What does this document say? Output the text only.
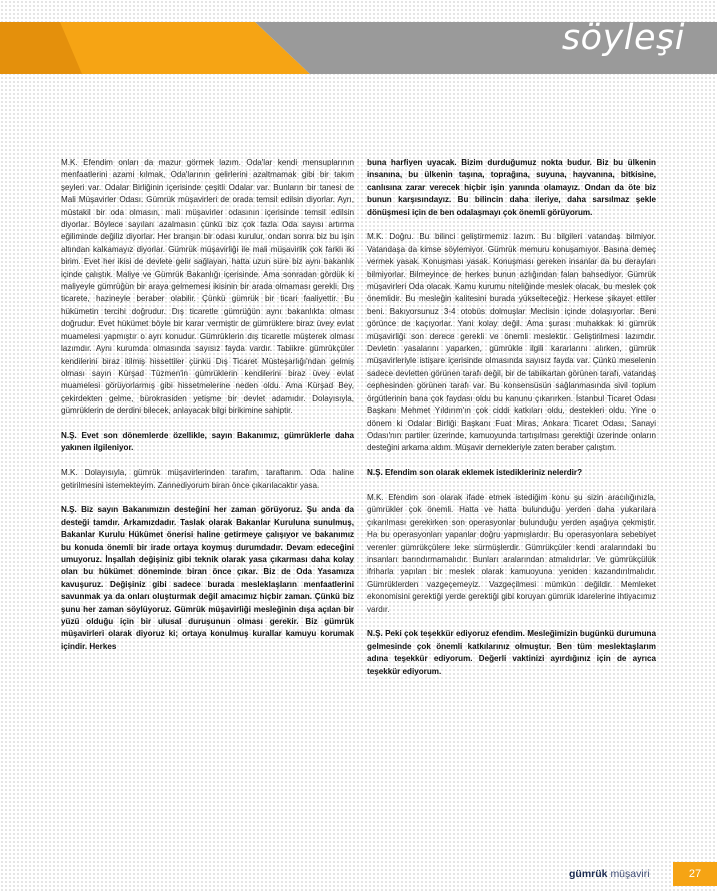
söyleşi

M.K. Efendim onları da mazur görmek lazım. Oda'lar kendi mensuplarının menfaatlerini azami kılmak, Oda'larının gelirlerini azaltmamak gibi bir takım şeyleri var. Odalar Birliğinin içerisinde çeşitli Odalar var. Bunların bir tanesi de Mali Müşavirler Odası. Gümrük müşavirleri de orada temsil edilsin diyorlar. Ayrı, müstakil bir oda olmasın, mali müşavirler odasının içerisinde temsil edilsin diyorlar. Böylece sayıları azalmasın çünkü biz çok fazla Oda sayısı artırma eğiliminde değiliz diyorlar. Her branşın bir odası kurulur, ondan sonra biz bu işin altından kalkamayız diyorlar. Gümrük müşavirliği ile mali müşavirlik çok farklı iki birim. Evet her ikisi de devlete gelir sağlayan, hatta uzun süre biz aynı bakanlık içinde çalıştık. Maliye ve Gümrük Bakanlığı içerisinde. Ama sonradan gördük ki maliyeyle gümrüğün bir araya gelmemesi ikisinin bir arada olmaması gerekli. Dış ticarete, hazineyle beraber olabilir. Çünkü gümrük bir ticari faaliyettir. Bu hükümetin tercihi doğrudur. Dış ticaretle gümrüğün aynı bakanlıkta olması doğrudur. Evet hükümet böyle bir karar vermiştir de gümrüklere biraz üvey evlat muamelesi yapmıştır o ayrı konudur. Gümrüklerin dış ticaretle müşterek olması lazımdır. Aynı kurumda olmasında sayısız fayda vardır. Tabiikre gümrükçüler kendilerini biraz itilmiş hissettiler çünkü Dış Ticaret Müsteşarlığı'ndan gelmiş olması sayın Kürşad Tüzmen'in gümrüklerin kendilerini biraz üvey evlat muamelesi görüyorlarmış gibi hissetmelerine neden oldu. Ama Kürşad Bey, çekirdekten gelme, bürokrasiden yetişme bir devlet adamıdır. Dolayısıyla, gümrüklerin de derdini bilecek, anlayacak bilgi birikimine sahiptir.

N.Ş. Evet son dönemlerde özellikle, sayın Bakanımız, gümrüklerle daha yakınen ilgileniyor.

M.K. Dolayısıyla, gümrük müşavirlerinden tarafım, taraftarım. Oda haline getirilmesini istemekteyim. Zannediyorum biran önce çıkarılacaktır yasa.

N.Ş. Biz sayın Bakanımızın desteğini her zaman görüyoruz. Şu anda da desteği tamdır. Arkamızdadır. Taslak olarak Bakanlar Kuruluna sunulmuş, Bakanlar Kurulu Hükümet önerisi haline getirmeye çalışıyor ve bakanımız bu konuda önemli bir irade ortaya koymuş durumdadır. Devam edeceğini umuyoruz. İnşallah değişiniz gibi teknik olarak yasa çıkarması daha kolay olan bu hükümet döneminde biran önce çıkar. Biz de Oda Yasamıza kavuşuruz. Değişiniz gibi sadece burada mesleklaşların menfaatlerini savunmak ya da onları oluşturmak değil amacımız hiçbir zaman. Çünkü biz şunu her zaman söylüyoruz. Gümrük müşavirliği mesleğinin dışa açılan bir yüzü olduğu için bir ulusal duruşunun olması gerekir. Biz gümrük müşavirleri olarak diyoruz ki; ortaya konulmuş kurallar kamuyu korumak içindir. Herkes

buna harfiyen uyacak. Bizim durduğumuz nokta budur. Biz bu ülkenin insanına, bu ülkenin taşına, toprağına, suyuna, hayvanına, bitkisine, canlısına zarar verecek hiçbir işin yanında olamayız. Ondan da öte biz bunun karşısındayız. Bu bilincin daha ileriye, daha sarsılmaz şekle dönüşmesi için de ben odalaşmayı çok önemli görüyorum.

M.K. Doğru. Bu bilinci geliştirmemiz lazım. Bu bilgileri vatandaş bilmiyor. Vatandaşa da kimse söylemiyor. Gümrük memuru konuşamıyor. Basına demeç vermek yasak. Konuşması yasak. Konuşması gereken insanlar da bu derayları bilmiyorlar. Bilmeyince de herkes bunun azlığından falan bahsediyor. Gümrük müşavirleri Oda olacak. Kamu kurumu niteliğinde meslek olacak, bu meslek çok önemlidir. Bu mesleğin kalitesini burada yükselteceğiz. Herkese şikayet ettiler beni. Bakıyorsunuz 3-4 otobüs dolmuşlar Meclisin içinde dolaşıyorlar. Beni görünce de kaçıyorlar. Yani kolay değil. Ama şurası muhakkak ki gümrük müşavirliği son derece gerekli ve önemli meslektir. Geliştirilmesi lazımdır. Devletin yasalarını yaparken, gümrükle ilgili kararlarını alırken, gümrük müşavirleriyle istişare içerisinde olmasında sayısız fayda var. Çünkü meselenin sadece devletten görünen tarafı değil, bir de tabiikartan görünen tarafı, vatandaş cephesinden görünen tarafı var. Bu konsensüsün sağlanmasında sivil toplum örgütlerinin bana çok faydası oldu bu kanunu çıkarırken. İstanbul Ticaret Odası Başkanı Mehmet Yıldırım'ın çok ciddi katkıları oldu, destekleri oldu. Yine o dönem ki Odalar Birliği Başkanı Fuat Miras, Ankara Ticaret Odası, Sanayi Odası'nın partiler üzerinde, kamuoyunda tartışılması gerektiği üzerinde onların desteğini arkama aldım. Müşavir dernekleriyle zaten beraber çalıştım.

N.Ş. Efendim son olarak eklemek istedikleriniz nelerdir?

M.K. Efendim son olarak ifade etmek istediğim konu şu sizin aracılığınızla, gümrükler çok önemli. Hatta ve hatta bulunduğu yerden daha yukarılara çıkarılması gerekirken son operasyonlar bulunduğu yerden aşağıya çekmiştir. Ha bu operasyonları yapanlar doğru yapmışlardır. Bu operasyonlara sebebiyet verenler gümrükçülere leke sürmüşlerdir. Gümrükçüler kendi aralarındaki bu insanları barındırmamalıdır. Bunları aralarından atmalıdırlar. Ve gümrükçülük ifriharla yapılan bir meslek olarak kamuoyuna yeniden kazandırılmalıdır. Gümrüklerden vazgeçemeyiz. Vazgeçilmesi mümkün değildir. Memleket ekonomisini gerektiği yerde gerektiği gibi koruyan gümrük idarelerine ihtiyacımız vardır.

N.Ş. Peki çok teşekkür ediyoruz efendim. Mesleğimizin bugünkü durumuna gelmesinde çok önemli katkılarınız olmuştur. Ben tüm meslektaşlarım adına teşekkür ediyorum. Değerli vaktinizi ayırdığınız için de ayrıca teşekkür ediyorum.

gümrük müşaviri	27
